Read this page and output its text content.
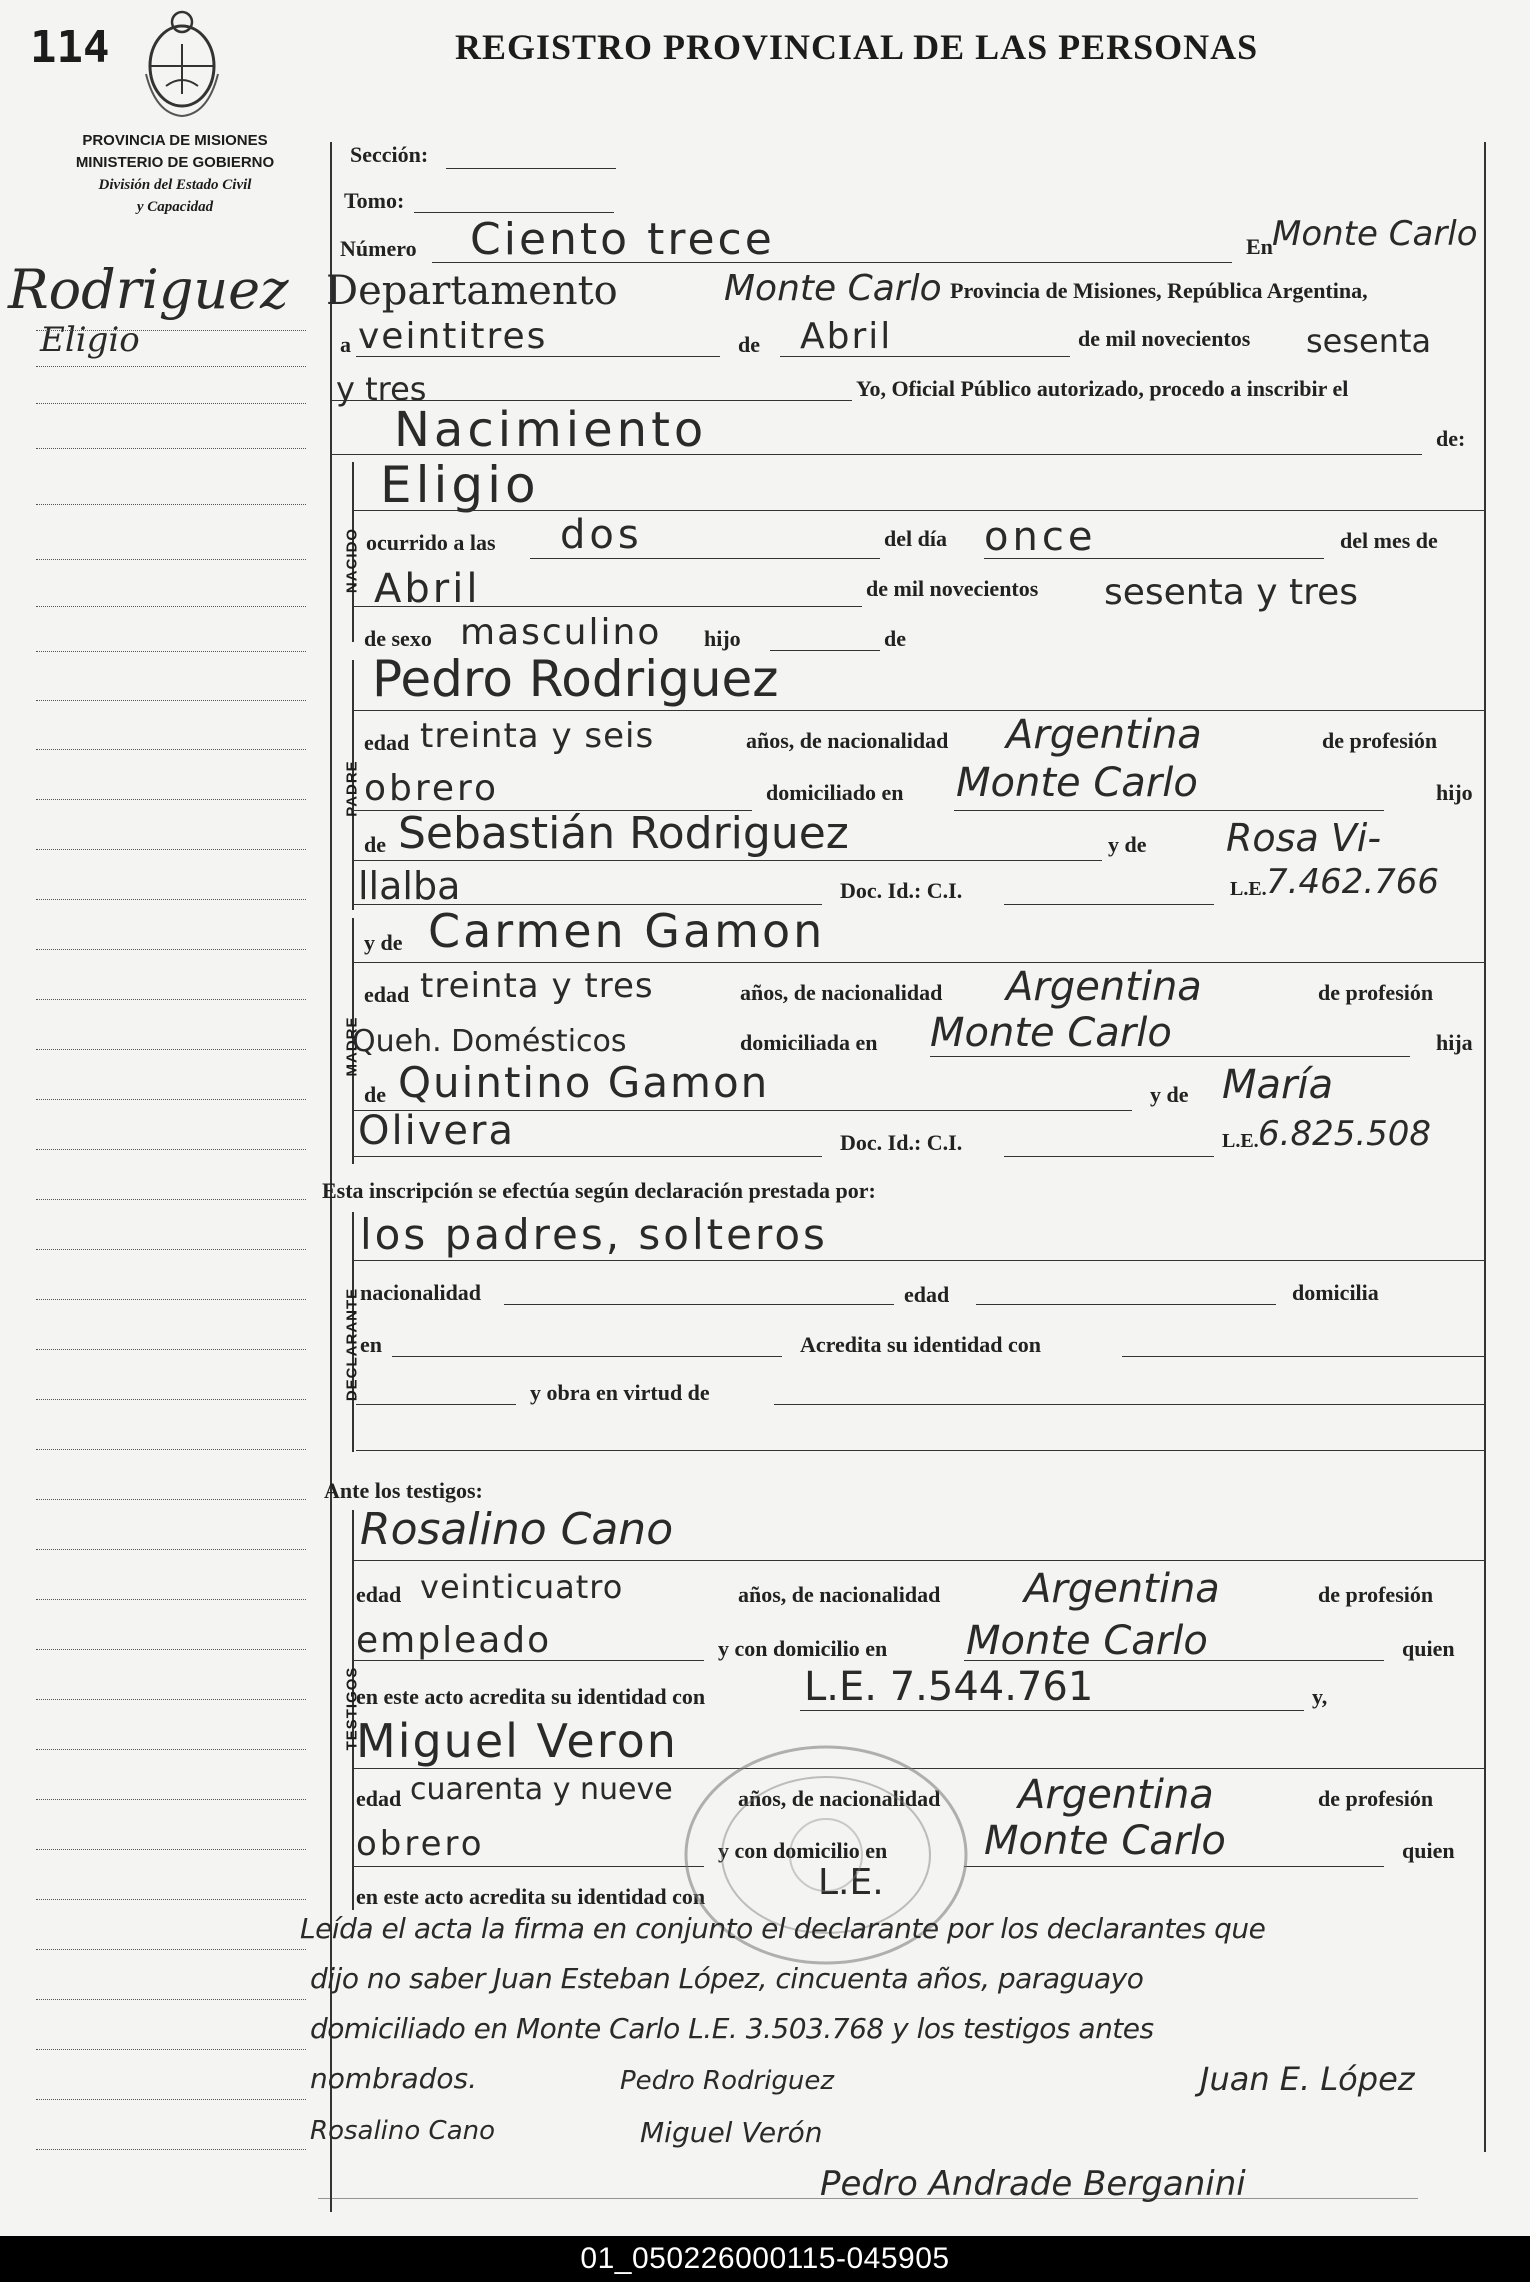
114	REGISTRO PROVINCIAL DE LAS PERSONAS
PROVINCIA DE MISIONES
MINISTERIO DE GOBIERNO
División del Estado Civil
y Capacidad
Rodriguez
Eligio
Sección:
Tomo:
Número Ciento trece	En Monte Carlo
Departamento	Monte Carlo Provincia de Misiones, República Argentina,
a veintitres	de Abril	de mil novecientos sesenta
y tres	Yo, Oficial Público autorizado, procedo a inscribir el
Nacimiento	de:
NACIDO
Eligio
ocurrido a las dos	del día once	del mes de
Abril	de mil novecientos sesenta y tres
de sexo masculino hijo	de
PADRE
Pedro Rodriguez
edad treinta y seis	años, de nacionalidad Argentina	de profesión
obrero	domiciliado en Monte Carlo	hijo
de Sebastián Rodriguez	y de Rosa Vi-
llalba	Doc. Id.: C.I.	L.E. 7.462.766
MADRE
y de Carmen Gamon
edad treinta y tres	años, de nacionalidad Argentina	de profesión
Queh. Domésticos	domiciliada en Monte Carlo	hija
de Quintino Gamon	y de María
Olivera	Doc. Id.: C.I.	L.E. 6.825.508
Esta inscripción se efectúa según declaración prestada por:
DECLARANTE
los padres, solteros
nacionalidad	edad	domicilia
en	Acredita su identidad con
y obra en virtud de
Ante los testigos:
TESTIGOS
Rosalino Cano
edad veinticuatro	años, de nacionalidad Argentina	de profesión
empleado	y con domicilio en Monte Carlo	quien
en este acto acredita su identidad con L.E. 7.544.761	y,
Miguel Veron
edad cuarenta y nueve	años, de nacionalidad Argentina	de profesión
obrero	y con domicilio en Monte Carlo	quien
en este acto acredita su identidad con	L.E.
Leída el acta la firma en conjunto el declarante por los declarantes que
dijo no saber Juan Esteban López, cincuenta años, paraguayo
domiciliado en Monte Carlo L.E. 3.503.768 y los testigos antes
nombrados.	Pedro Rodriguez	Juan E. López
Rosalino Cano	Miguel Verón
Pedro Andrade Berganini
01_050226000115-045905
